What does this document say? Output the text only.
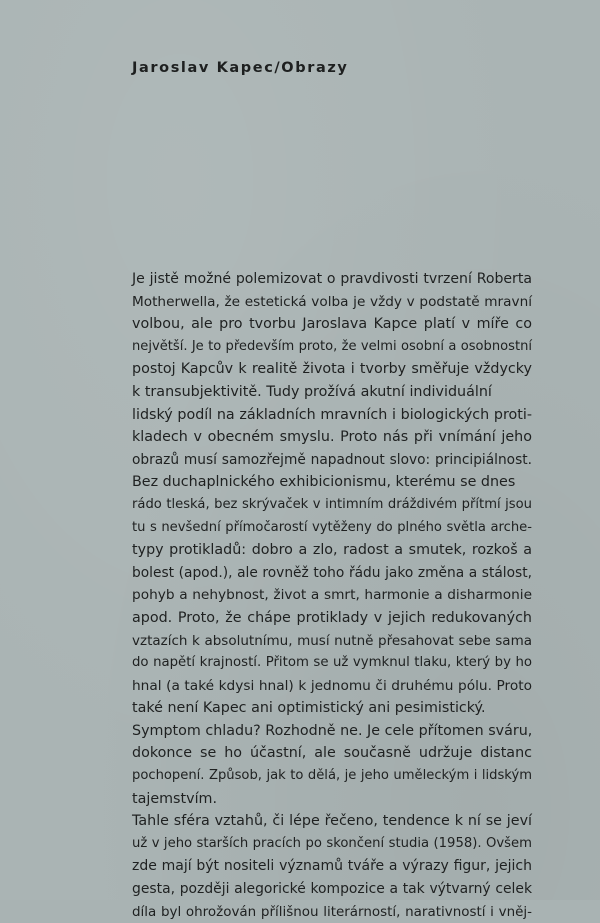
Jaroslav Kapec/Obrazy
Je jistě možné polemizovat o pravdivosti tvrzení Roberta
Motherwella, že estetická volba je vždy v podstatě mravní
volbou, ale pro tvorbu Jaroslava Kapce platí v míře co
největší. Je to především proto, že velmi osobní a osobnostní
postoj Kapcův k realitě života i tvorby směřuje vždycky
k transubjektivitě. Tudy prožívá akutní individuální
lidský podíl na základních mravních i biologických proti-
kladech v obecném smyslu. Proto nás při vnímání jeho
obrazů musí samozřejmě napadnout slovo: principiálnost.
Bez duchaplnického exhibicionismu, kterému se dnes
rádo tleská, bez skrývaček v intimním dráždivém přítmí jsou
tu s nevšední přímočarostí vytěženy do plného světla arche-
typy protikladů: dobro a zlo, radost a smutek, rozkoš a
bolest (apod.), ale rovněž toho řádu jako změna a stálost,
pohyb a nehybnost, život a smrt, harmonie a disharmonie
apod. Proto, že chápe protiklady v jejich redukovaných
vztazích k absolutnímu, musí nutně přesahovat sebe sama
do napětí krajností. Přitom se už vymknul tlaku, který by ho
hnal (a také kdysi hnal) k jednomu či druhému pólu. Proto
také není Kapec ani optimistický ani pesimistický.
Symptom chladu? Rozhodně ne. Je cele přítomen sváru,
dokonce se ho účastní, ale současně udržuje distanc
pochopení. Způsob, jak to dělá, je jeho uměleckým i lidským
tajemstvím.
Tahle sféra vztahů, či lépe řečeno, tendence k ní se jeví
už v jeho starších pracích po skončení studia (1958). Ovšem
zde mají být nositeli významů tváře a výrazy figur, jejich
gesta, později alegorické kompozice a tak výtvarný celek
díla byl ohrožován přílišnou literárností, narativností i vněj-
